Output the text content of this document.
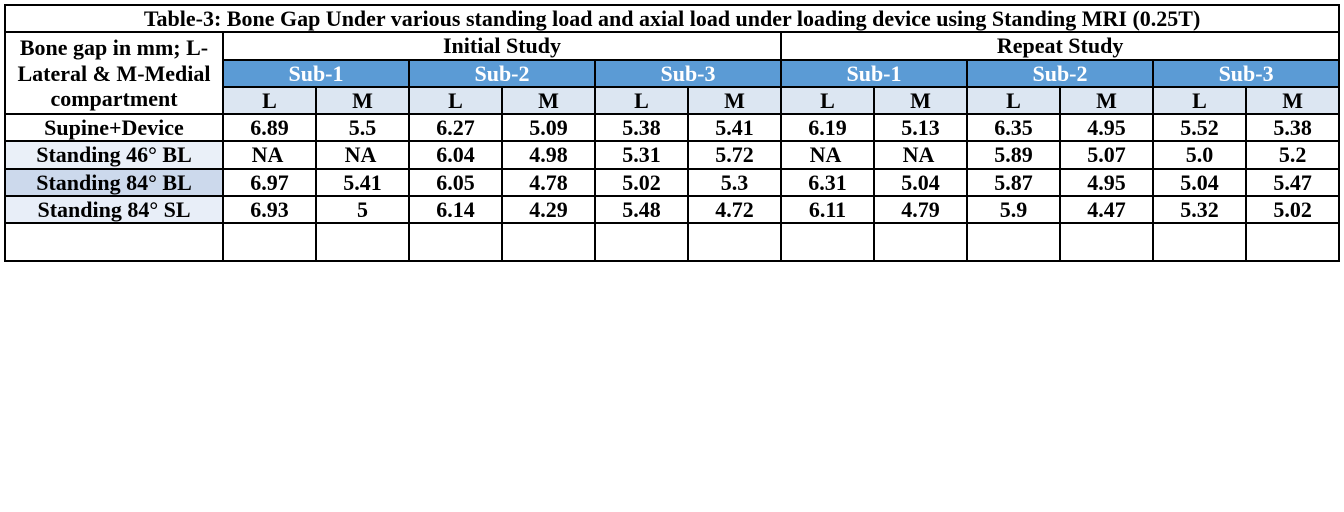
Table-3: Bone Gap Under various standing load and axial load under loading device using Standing MRI (0.25T)												
Bone gap in mm; L-Lateral & M-Medial compartment	Initial Study						Repeat Study					
	Sub-1		Sub-2		Sub-3		Sub-1		Sub-2		Sub-3	
	L	M	L	M	L	M	L	M	L	M	L	M
Supine+Device	6.89	5.5	6.27	5.09	5.38	5.41	6.19	5.13	6.35	4.95	5.52	5.38
Standing 46° BL	NA	NA	6.04	4.98	5.31	5.72	NA	NA	5.89	5.07	5.0	5.2
Standing 84° BL	6.97	5.41	6.05	4.78	5.02	5.3	6.31	5.04	5.87	4.95	5.04	5.47
Standing 84° SL	6.93	5	6.14	4.29	5.48	4.72	6.11	4.79	5.9	4.47	5.32	5.02
